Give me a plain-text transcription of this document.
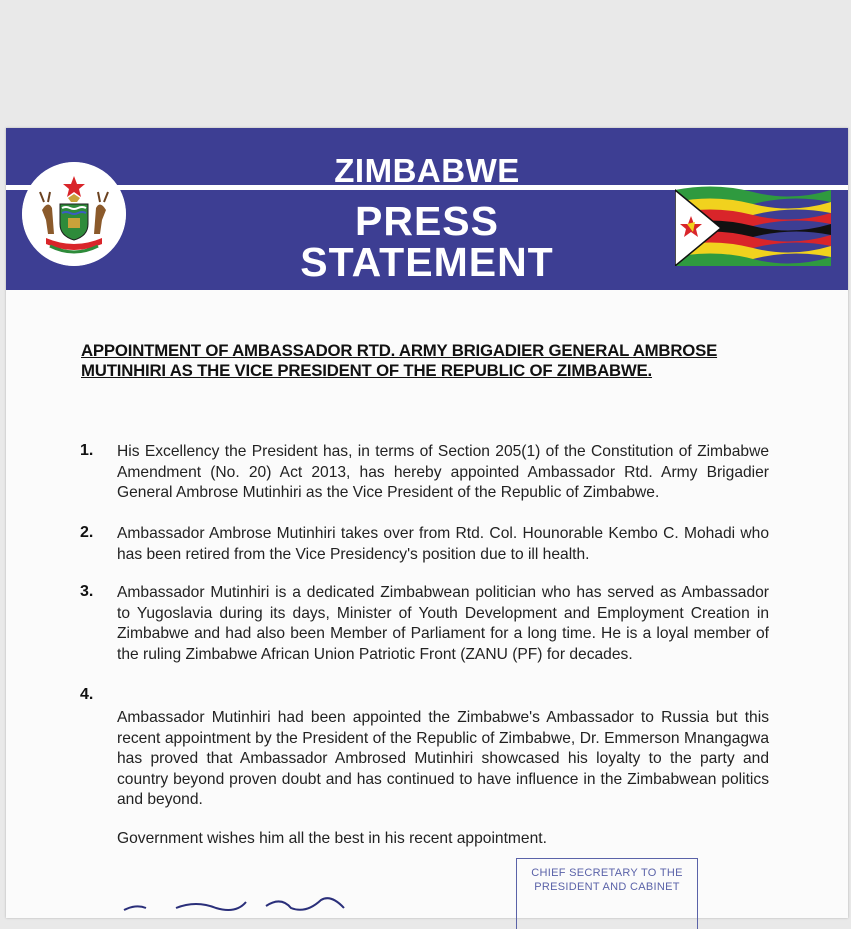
ZIMBABWE
PRESS
STATEMENT
APPOINTMENT OF AMBASSADOR RTD. ARMY BRIGADIER GENERAL AMBROSE
MUTINHIRI AS THE VICE PRESIDENT OF THE REPUBLIC OF ZIMBABWE.
1. His Excellency the President has, in terms of Section 205(1) of the Constitution of Zimbabwe Amendment (No. 20) Act 2013, has hereby appointed Ambassador Rtd. Army Brigadier General Ambrose Mutinhiri as the Vice President of the Republic of Zimbabwe.
2. Ambassador Ambrose Mutinhiri takes over from Rtd. Col. Hounorable Kembo C. Mohadi who has been retired from the Vice Presidency's position due to ill health.
3. Ambassador Mutinhiri is a dedicated Zimbabwean politician who has served as Ambassador to Yugoslavia during its days, Minister of Youth Development and Employment Creation in Zimbabwe and had also been Member of Parliament for a long time. He is a loyal member of the ruling Zimbabwe African Union Patriotic Front (ZANU (PF) for decades.
4.
Ambassador Mutinhiri had been appointed the Zimbabwe's Ambassador to Russia but this recent appointment by the President of the Republic of Zimbabwe, Dr. Emmerson Mnangagwa has proved that Ambassador Ambrosed Mutinhiri showcased his loyalty to the party and country beyond proven doubt and has continued to have influence in the Zimbabwean politics and beyond.
Government wishes him all the best in his recent appointment.
CHIEF SECRETARY TO THE
PRESIDENT AND CABINET
